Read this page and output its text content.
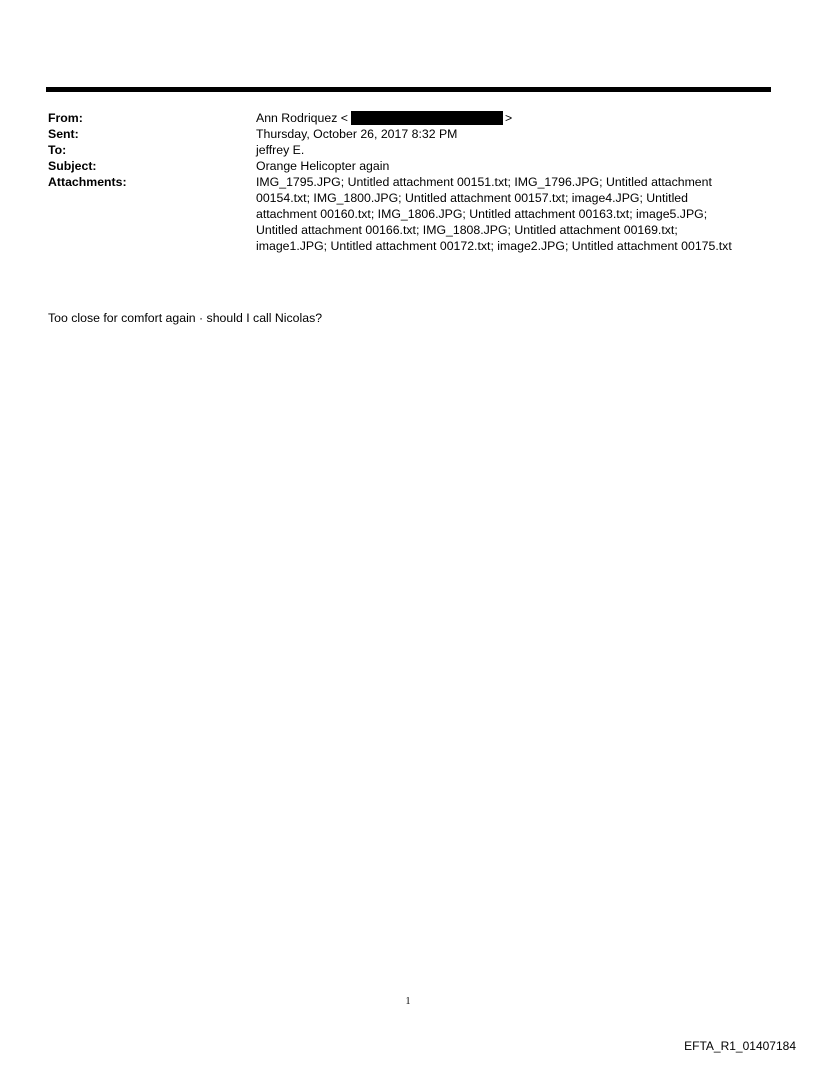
From:	Ann Rodriquez <	>
Sent:	Thursday, October 26, 2017 8:32 PM
To:	jeffrey E.
Subject:	Orange Helicopter again
Attachments:	IMG_1795.JPG; Untitled attachment 00151.txt; IMG_1796.JPG; Untitled attachment
00154.txt; IMG_1800.JPG; Untitled attachment 00157.txt; image4.JPG; Untitled
attachment 00160.txt; IMG_1806.JPG; Untitled attachment 00163.txt; image5.JPG;
Untitled attachment 00166.txt; IMG_1808.JPG; Untitled attachment 00169.txt;
image1.JPG; Untitled attachment 00172.txt; image2.JPG; Untitled attachment 00175.txt
Too close for comfort again · should I call Nicolas?
1
EFTA_R1_01407184
